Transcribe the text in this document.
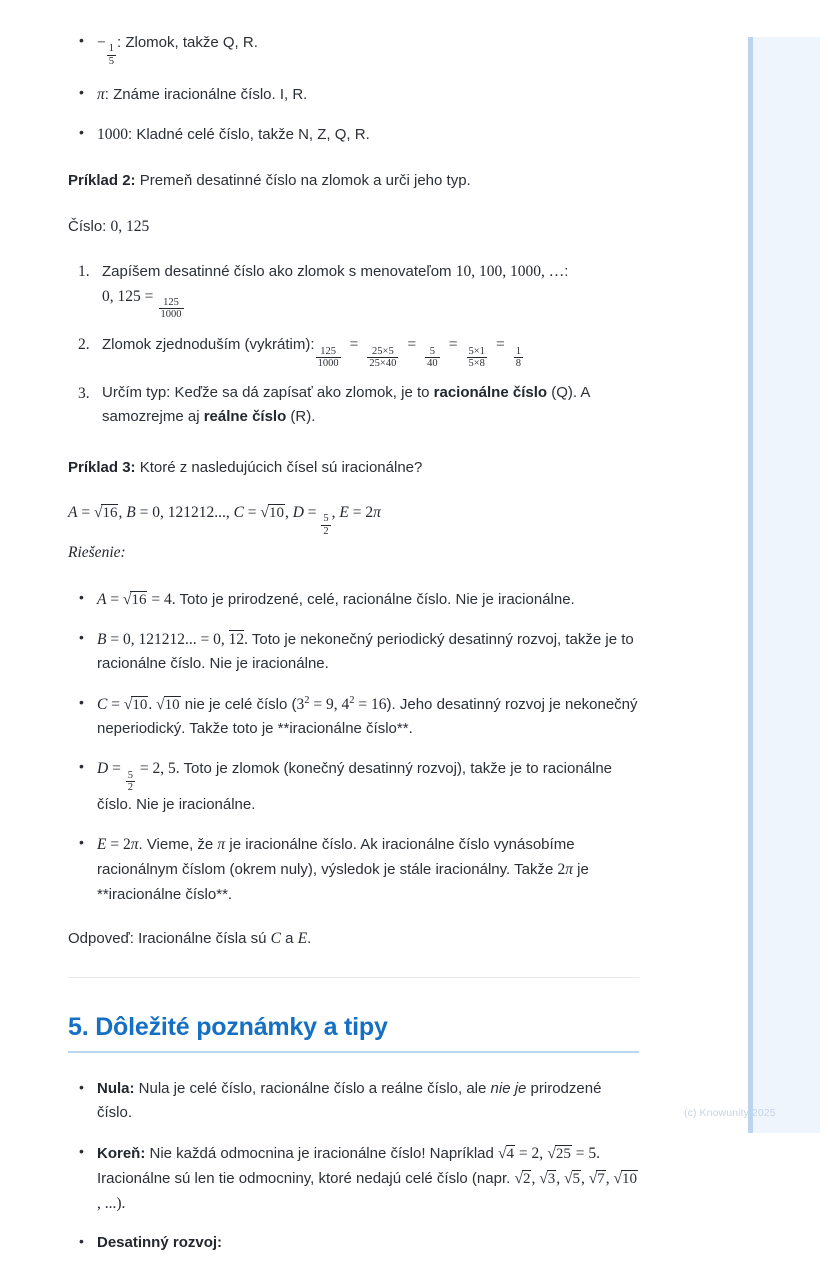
• −
$\frac{1}{5}$
: Zlomok, takže Q, R.
• π: Známe iracionálne číslo. I, R.
• 1000: Kladné celé číslo, takže N, Z, Q, R.

Príklad 2: Premeň desatinné číslo na zlomok a urči jeho typ.

Číslo: 0, 125

Zapíšem desatinné číslo ako zlomok s menovateľom 10, 100, 1000, …:
0, 125 =
$\frac{125}{1000}$
Zlomok zjednoduším (vykrátim):
$\frac{125}{1000}$
=
$\frac{25\times 5}{25\times 40}$
=
$\frac{5}{40}$
=
$\frac{5\times 1}{5\times 8}$
=
$\frac{1}{8}$
Určím typ: Keďže sa dá zapísať ako zlomok, je to racionálne číslo (Q). A samozrejme aj reálne číslo (R).

Príklad 3: Ktoré z nasledujúcich čísel sú iracionálne?

A = √16, B = 0, 121212..., C = √10, D =
$\frac{5}{2}$
, E = 2π

Riešenie:

• A = √16 = 4. Toto je prirodzené, celé, racionálne číslo. Nie je iracionálne.
• B = 0, 121212... = 0, 12. Toto je nekonečný periodický desatinný rozvoj, takže je to racionálne číslo. Nie je iracionálne.
• C = √10. √10 nie je celé číslo ($3^2 = 9$, $4^2 = 16$). Jeho desatinný rozvoj je nekonečný neperiodický. Takže toto je **iracionálne číslo**.
• D =
$\frac{5}{2}$
= 2, 5. Toto je zlomok (konečný desatinný rozvoj), takže je to racionálne číslo. Nie je iracionálne.
• E = 2π. Vieme, že π je iracionálne číslo. Ak iracionálne číslo vynásobíme racionálnym číslom (okrem nuly), výsledok je stále iracionálny. Takže 2π je **iracionálne číslo**.

Odpoveď: Iracionálne čísla sú C a E.

5. Dôležité poznámky a tipy
• Nula: Nula je celé číslo, racionálne číslo a reálne číslo, ale nie je prirodzené číslo.
• Koreň: Nie každá odmocnina je iracionálne číslo! Napríklad √4 = 2, √25 = 5. Iracionálne sú len tie odmocniny, ktoré nedajú celé číslo (napr. √2, √3, √5, √7, √10, ...).
• Desatinný rozvoj:
(c) Knowunity 2025
